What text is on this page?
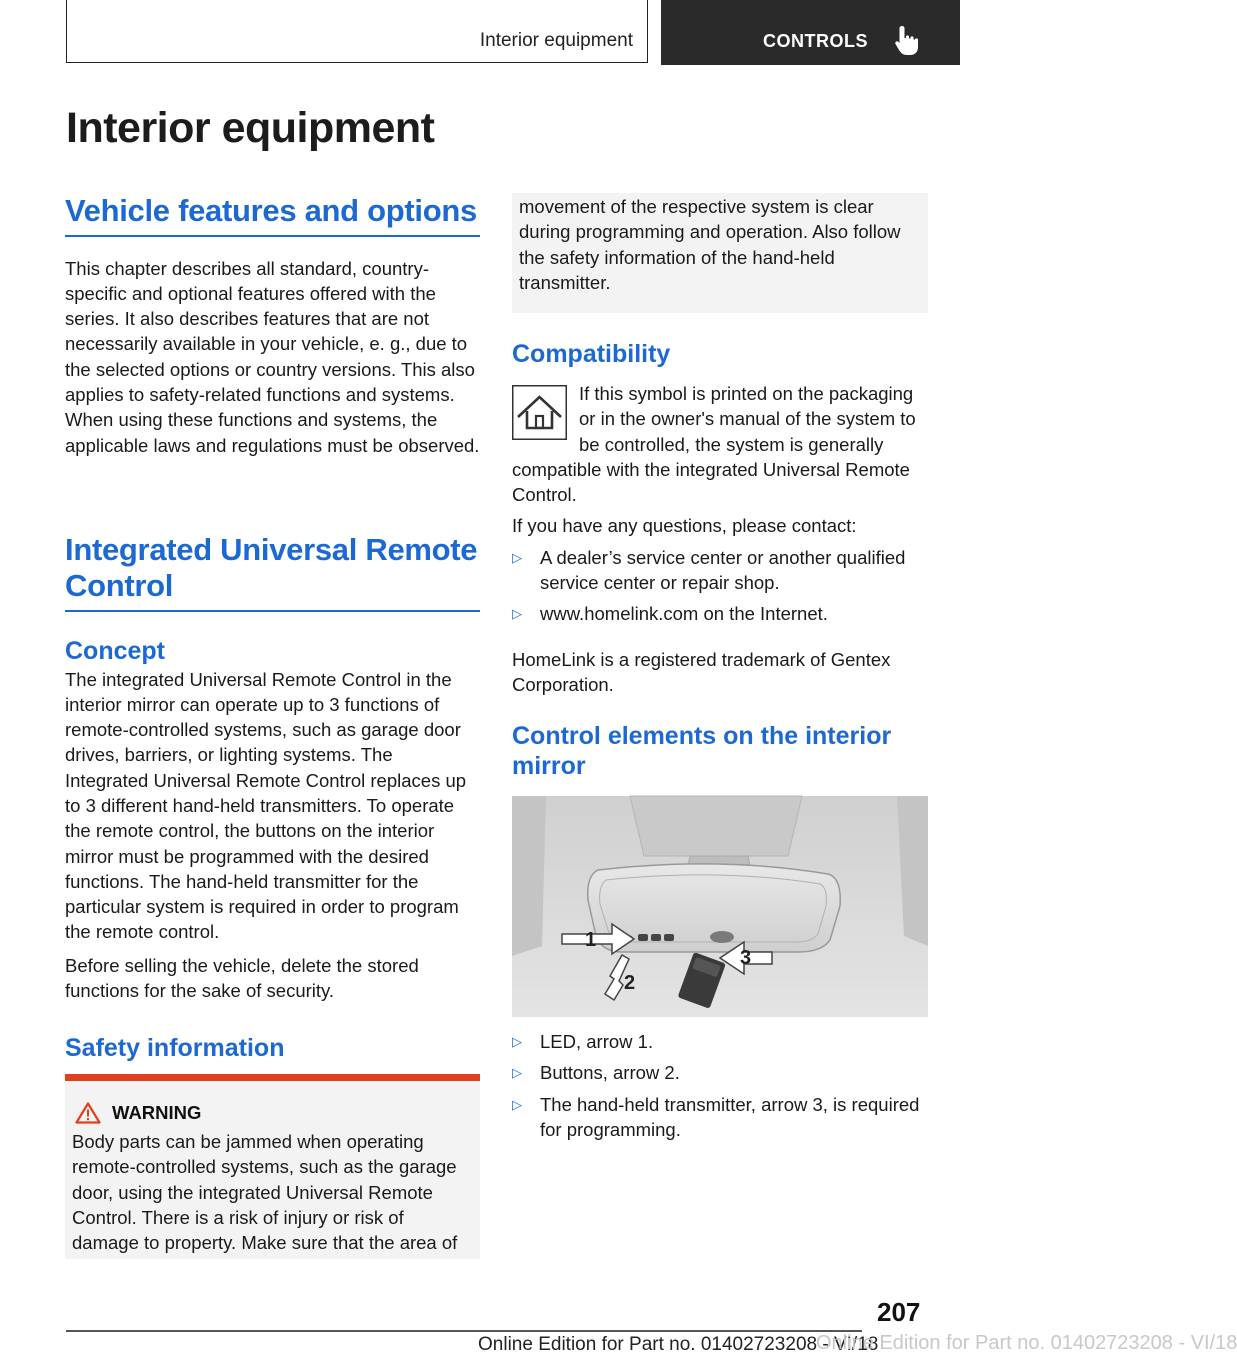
Interior equipment	CONTROLS
Interior equipment
Vehicle features and options

This chapter describes all standard, country-specific and optional features offered with the series. It also describes features that are not necessarily available in your vehicle, e. g., due to the selected options or country versions. This also applies to safety-related functions and systems. When using these functions and systems, the applicable laws and regulations must be observed.

Integrated Universal Remote Control
Concept

The integrated Universal Remote Control in the interior mirror can operate up to 3 functions of remote-controlled systems, such as garage door drives, barriers, or lighting systems. The Integrated Universal Remote Control replaces up to 3 different hand-held transmitters. To operate the remote control, the buttons on the interior mirror must be programmed with the desired functions. The hand-held transmitter for the particular system is required in order to program the remote control.

Before selling the vehicle, delete the stored functions for the sake of security.

Safety information
WARNING

Body parts can be jammed when operating remote-controlled systems, such as the garage door, using the integrated Universal Remote Control. There is a risk of injury or risk of damage to property. Make sure that the area of

movement of the respective system is clear during programming and operation. Also follow the safety information of the hand-held transmitter.

Compatibility

If this symbol is printed on the packaging or in the owner's manual of the system to be controlled, the system is generally compatible with the integrated Universal Remote Control.

If you have any questions, please contact:

▷ A dealer’s service center or another qualified service center or repair shop.
▷ www.homelink.com on the Internet.

HomeLink is a registered trademark of Gentex Corporation.

Control elements on the interior mirror
1
2
3
▷ LED, arrow 1.
▷ Buttons, arrow 2.
▷ The hand-held transmitter, arrow 3, is required for programming.
207
Online Edition for Part no. 01402723208 - VI/18
Online Edition for Part no. 01402723208 - VI/18
